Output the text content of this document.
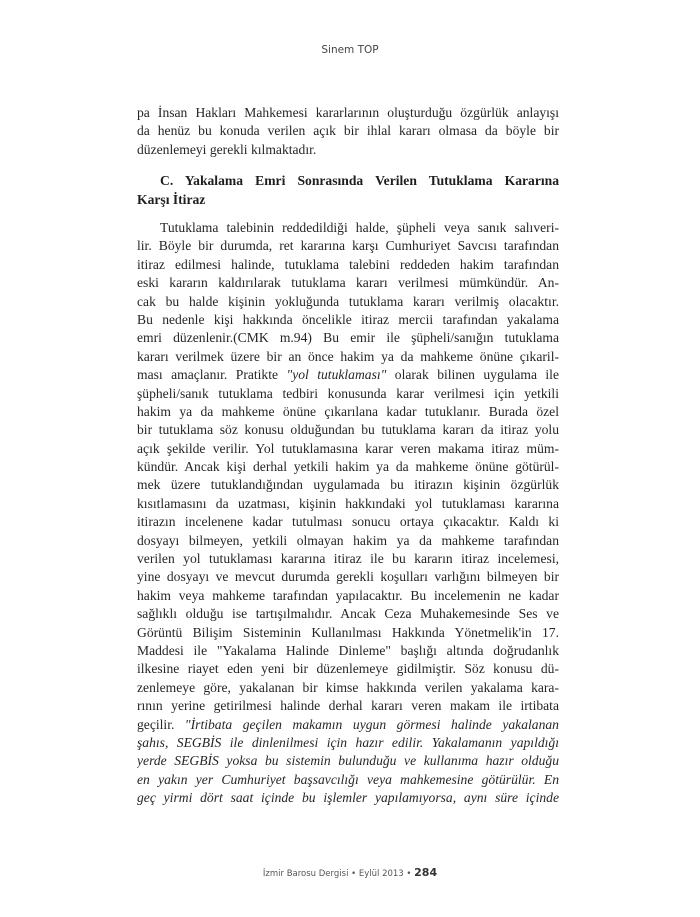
Sinem TOP
pa İnsan Hakları Mahkemesi kararlarının oluşturduğu özgürlük anlayışı
da henüz bu konuda verilen açık bir ihlal kararı olmasa da böyle bir
düzenlemeyi gerekli kılmaktadır.
C. Yakalama Emri Sonrasında Verilen Tutuklama Kararına
Karşı İtiraz
Tutuklama talebinin reddedildiği halde, şüpheli veya sanık salıveri-
lir. Böyle bir durumda, ret kararına karşı Cumhuriyet Savcısı tarafından
itiraz edilmesi halinde, tutuklama talebini reddeden hakim tarafından
eski kararın kaldırılarak tutuklama kararı verilmesi mümkündür. An-
cak bu halde kişinin yokluğunda tutuklama kararı verilmiş olacaktır.
Bu nedenle kişi hakkında öncelikle itiraz mercii tarafından yakalama
emri düzenlenir.(CMK m.94) Bu emir ile şüpheli/sanığın tutuklama
kararı verilmek üzere bir an önce hakim ya da mahkeme önüne çıkaril-
ması amaçlanır. Pratikte "yol tutuklaması" olarak bilinen uygulama ile
şüpheli/sanık tutuklama tedbiri konusunda karar verilmesi için yetkili
hakim ya da mahkeme önüne çıkarılana kadar tutuklanır. Burada özel
bir tutuklama söz konusu olduğundan bu tutuklama kararı da itiraz yolu
açık şekilde verilir. Yol tutuklamasına karar veren makama itiraz müm-
kündür. Ancak kişi derhal yetkili hakim ya da mahkeme önüne götürül-
mek üzere tutuklandığından uygulamada bu itirazın kişinin özgürlük
kısıtlamasını da uzatması, kişinin hakkındaki yol tutuklaması kararına
itirazın incelenene kadar tutulması sonucu ortaya çıkacaktır. Kaldı ki
dosyayı bilmeyen, yetkili olmayan hakim ya da mahkeme tarafından
verilen yol tutuklaması kararına itiraz ile bu kararın itiraz incelemesi,
yine dosyayı ve mevcut durumda gerekli koşulları varlığını bilmeyen bir
hakim veya mahkeme tarafından yapılacaktır. Bu incelemenin ne kadar
sağlıklı olduğu ise tartışılmalıdır. Ancak Ceza Muhakemesinde Ses ve
Görüntü Bilişim Sisteminin Kullanılması Hakkında Yönetmelik'in 17.
Maddesi ile "Yakalama Halinde Dinleme" başlığı altında doğrudanlık
ilkesine riayet eden yeni bir düzenlemeye gidilmiştir. Söz konusu dü-
zenlemeye göre, yakalanan bir kimse hakkında verilen yakalama kara-
rının yerine getirilmesi halinde derhal kararı veren makam ile irtibata
geçilir. "İrtibata geçilen makamın uygun görmesi halinde yakalanan
şahıs, SEGBİS ile dinlenilmesi için hazır edilir. Yakalamanın yapıldığı
yerde SEGBİS yoksa bu sistemin bulunduğu ve kullanıma hazır olduğu
en yakın yer Cumhuriyet başsavcılığı veya mahkemesine götürülür. En
geç yirmi dört saat içinde bu işlemler yapılamıyorsa, aynı süre içinde
İzmir Barosu Dergisi • Eylül 2013 • 284
